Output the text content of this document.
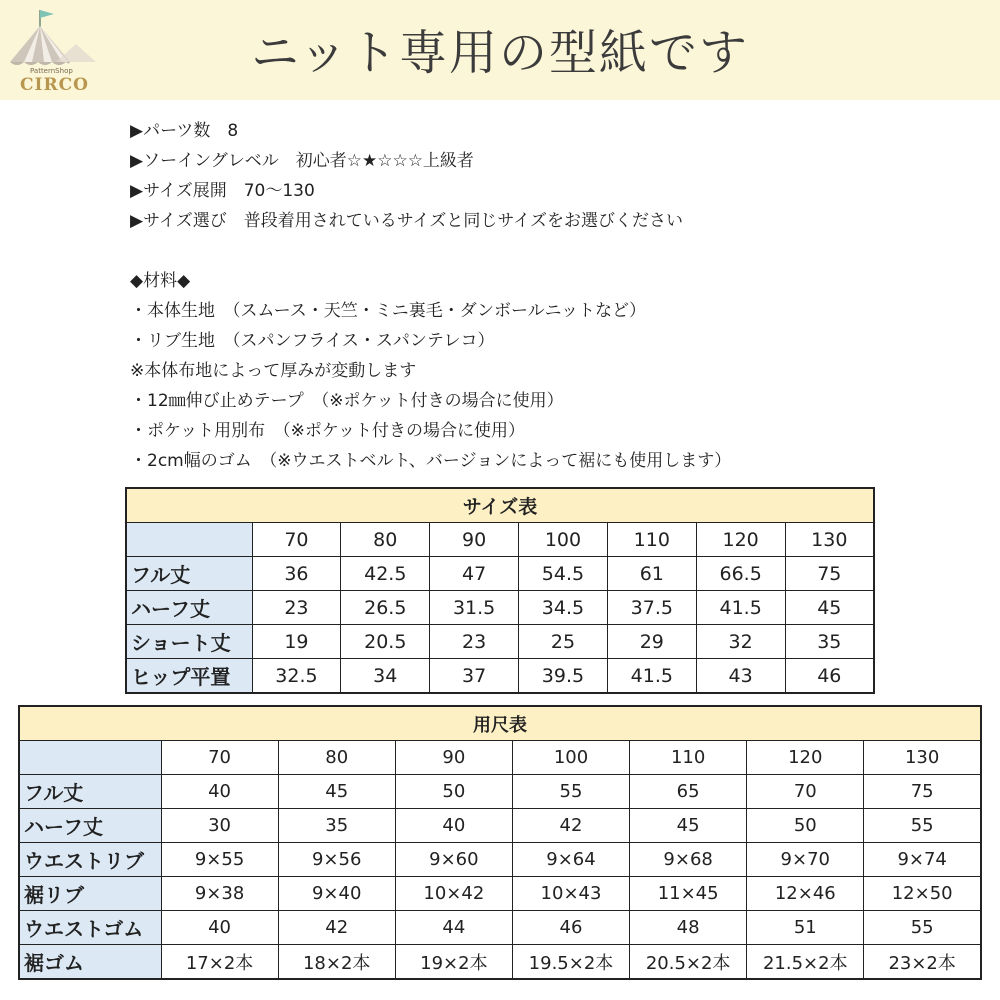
PatternShop
CIRCO
ニット専用の型紙です
▶パーツ数　8
▶ソーイングレベル　初心者☆★☆☆☆上級者
▶サイズ展開　70～130
▶サイズ選び　普段着用されているサイズと同じサイズをお選びください
◆材料◆
・本体生地　（スムース・天竺・ミニ裏毛・ダンボールニットなど）
・リブ生地　（スパンフライス・スパンテレコ）
※本体布地によって厚みが変動します
・12㎜伸び止めテープ　（※ポケット付きの場合に使用）
・ポケット用別布　（※ポケット付きの場合に使用）
・2cm幅のゴム　（※ウエストベルト、バージョンによって裾にも使用します）
サイズ表							
	70	80	90	100	110	120	130
フル丈	36	42.5	47	54.5	61	66.5	75
ハーフ丈	23	26.5	31.5	34.5	37.5	41.5	45
ショート丈	19	20.5	23	25	29	32	35
ヒップ平置	32.5	34	37	39.5	41.5	43	46
用尺表							
	70	80	90	100	110	120	130
フル丈	40	45	50	55	65	70	75
ハーフ丈	30	35	40	42	45	50	55
ウエストリブ	9×55	9×56	9×60	9×64	9×68	9×70	9×74
裾リブ	9×38	9×40	10×42	10×43	11×45	12×46	12×50
ウエストゴム	40	42	44	46	48	51	55
裾ゴム	17×2本	18×2本	19×2本	19.5×2本	20.5×2本	21.5×2本	23×2本
